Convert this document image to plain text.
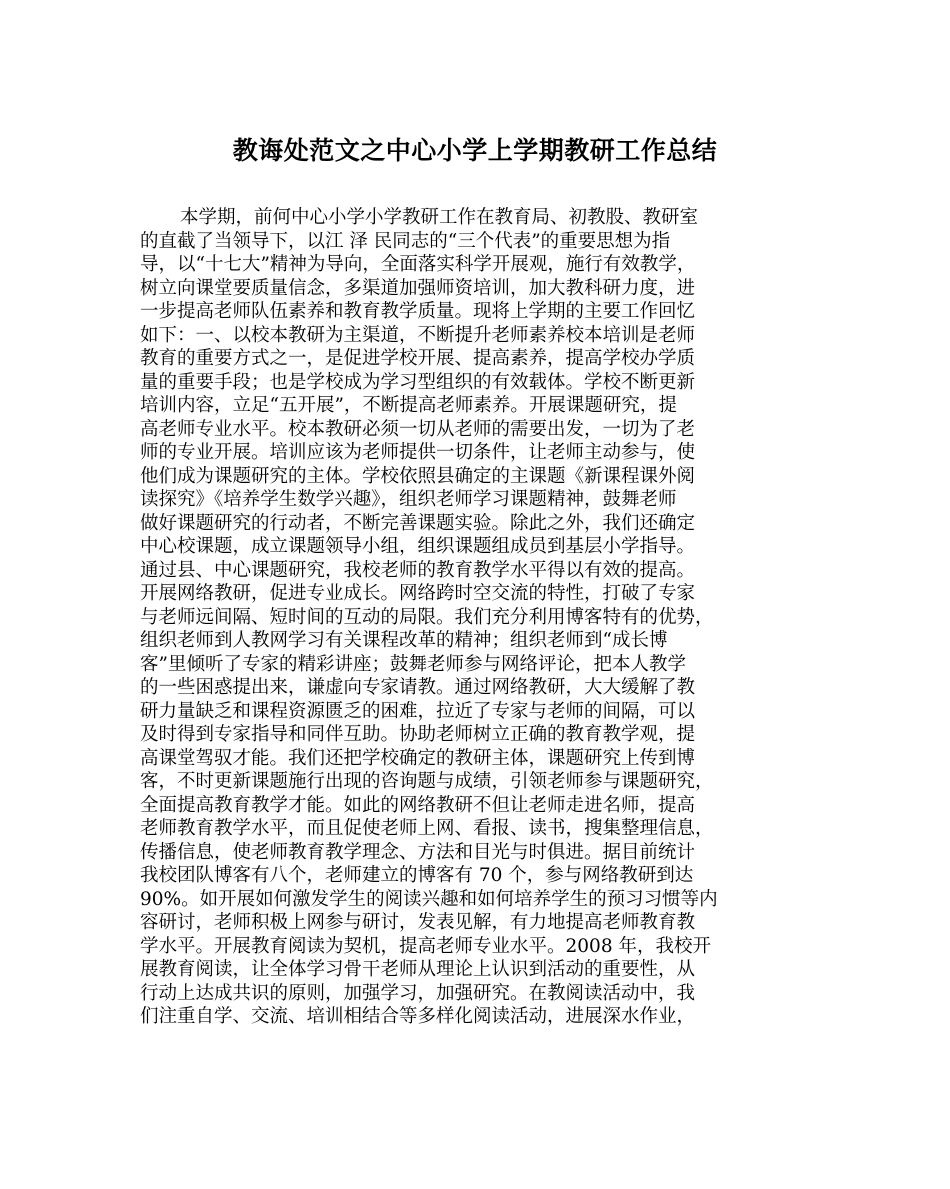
教诲处范文之中心小学上学期教研工作总结
本学期，前何中心小学小学教研工作在教育局、初教股、教研室
的直截了当领导下，以江 泽 民同志的“三个代表”的重要思想为指
导，以“十七大”精神为导向，全面落实科学开展观，施行有效教学，
树立向课堂要质量信念，多渠道加强师资培训，加大教科研力度，进
一步提高老师队伍素养和教育教学质量。现将上学期的主要工作回忆
如下：一、以校本教研为主渠道，不断提升老师素养校本培训是老师
教育的重要方式之一，是促进学校开展、提高素养，提高学校办学质
量的重要手段；也是学校成为学习型组织的有效载体。学校不断更新
培训内容，立足“五开展”，不断提高老师素养。开展课题研究，提
高老师专业水平。校本教研必须一切从老师的需要出发，一切为了老
师的专业开展。培训应该为老师提供一切条件，让老师主动参与，使
他们成为课题研究的主体。学校依照县确定的主课题《新课程课外阅
读探究》《培养学生数学兴趣》，组织老师学习课题精神，鼓舞老师
做好课题研究的行动者，不断完善课题实验。除此之外，我们还确定
中心校课题，成立课题领导小组，组织课题组成员到基层小学指导。
通过县、中心课题研究，我校老师的教育教学水平得以有效的提高。
开展网络教研，促进专业成长。网络跨时空交流的特性，打破了专家
与老师远间隔、短时间的互动的局限。我们充分利用博客特有的优势，
组织老师到人教网学习有关课程改革的精神；组织老师到“成长博
客”里倾听了专家的精彩讲座；鼓舞老师参与网络评论，把本人教学
的一些困惑提出来，谦虚向专家请教。通过网络教研，大大缓解了教
研力量缺乏和课程资源匮乏的困难，拉近了专家与老师的间隔，可以
及时得到专家指导和同伴互助。协助老师树立正确的教育教学观，提
高课堂驾驭才能。我们还把学校确定的教研主体，课题研究上传到博
客，不时更新课题施行出现的咨询题与成绩，引领老师参与课题研究，
全面提高教育教学才能。如此的网络教研不但让老师走进名师，提高
老师教育教学水平，而且促使老师上网、看报、读书，搜集整理信息，
传播信息，使老师教育教学理念、方法和目光与时俱进。据目前统计
我校团队博客有八个，老师建立的博客有 70 个，参与网络教研到达
90%。如开展如何激发学生的阅读兴趣和如何培养学生的预习习惯等内
容研讨，老师积极上网参与研讨，发表见解，有力地提高老师教育教
学水平。开展教育阅读为契机，提高老师专业水平。2008 年，我校开
展教育阅读，让全体学习骨干老师从理论上认识到活动的重要性，从
行动上达成共识的原则，加强学习，加强研究。在教阅读活动中，我
们注重自学、交流、培训相结合等多样化阅读活动，进展深水作业，
